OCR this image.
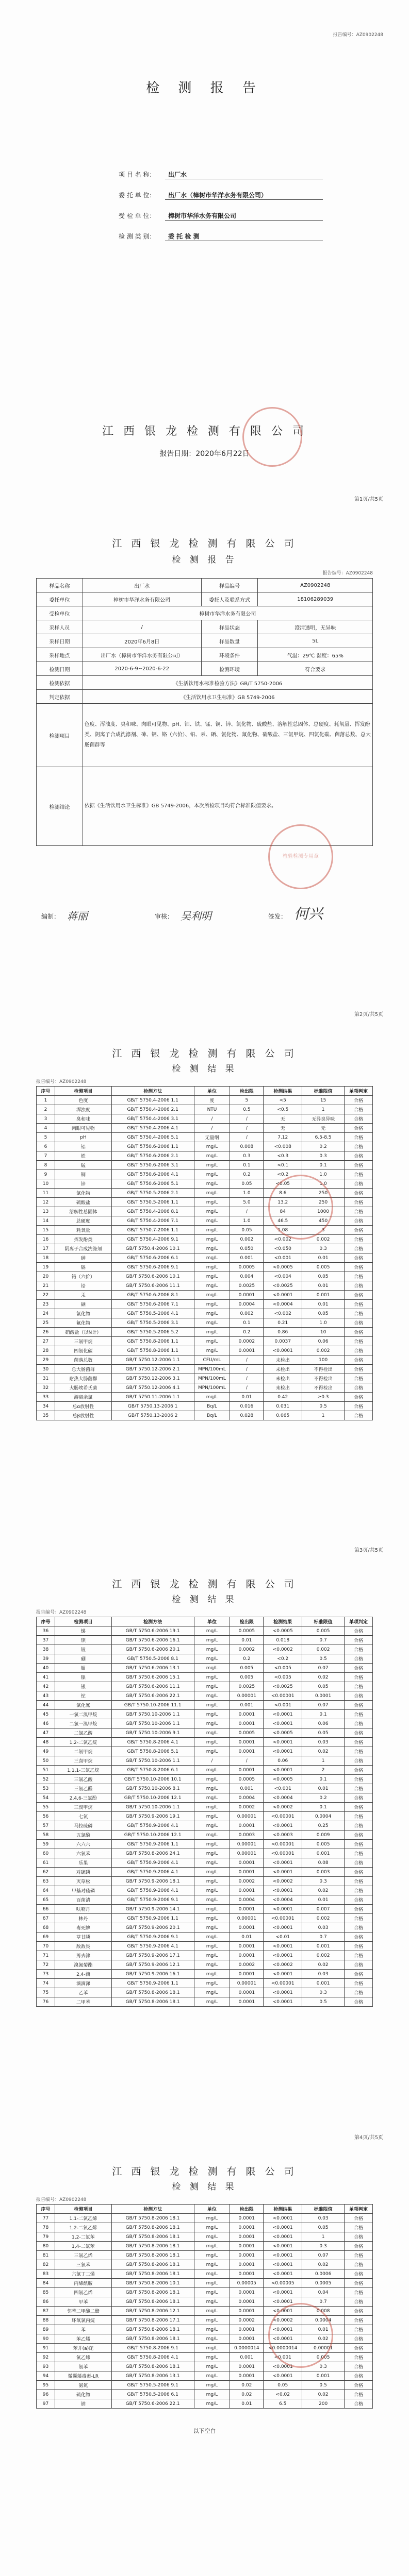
报告编号：AZ0902248
检 测 报 告
项 目 名 称：	出厂水
委 托 单 位：	出厂水（樟树市华洋水务有限公司）
受 检 单 位：	樟树市华洋水务有限公司
检 测 类 别：	委 托 检 测
江 西 银 龙 检 测 有 限 公 司
报告日期：2020年6月22日
第1页/共5页
江 西 银 龙 检 测 有 限 公 司
检 测 报 告
报告编号：AZ0902248
样品名称	出厂水	样品编号	AZ0902248
委托单位	樟树市华洋水务有限公司	委托人及联系方式	18106289039
受检单位	樟树市华洋水务有限公司		
采样人员	/	样品状态	澄清透明，无异味
采样日期	2020年6月8日	样品数量	5L
采样地点	出厂水（樟树市华洋水务有限公司）	环境条件	气温：29℃ 湿度：65%
检测日期	2020-6-9~2020-6-22	检测环境	符合要求
检测依据	《生活饮用水标准检验方法》GB/T 5750-2006		
判定依据	《生活饮用水卫生标准》GB 5749-2006		
检测项目	色度、浑浊度、臭和味、肉眼可见物、pH、铝、铁、锰、铜、锌、氯化物、硫酸盐、溶解性总固体、总硬度、耗氧量、挥发酚类、阴离子合成洗涤剂、砷、镉、铬（六价）、铅、汞、硒、氰化物、氟化物、硝酸盐、三氯甲烷、四氯化碳、菌落总数、总大肠菌群等		
检测结论	依据《生活饮用水卫生标准》GB 5749-2006，本次所检项目均符合标准限值要求。		
检验检测专用章
编制： 蒋丽	审核： 吴利明	签发： 何兴
第2页/共5页
江 西 银 龙 检 测 有 限 公 司
检 测 结 果
报告编号：AZ0902248
序号	检测项目	检测方法	单位	检出限	检测结果	标准限值	单项判定
1	色度	GB/T 5750.4-2006 1.1	度	5	<5	15	合格
2	浑浊度	GB/T 5750.4-2006 2.1	NTU	0.5	<0.5	1	合格
3	臭和味	GB/T 5750.4-2006 3.1	/	/	无	无异臭异味	合格
4	肉眼可见物	GB/T 5750.4-2006 4.1	/	/	无	无	合格
5	pH	GB/T 5750.4-2006 5.1	无量纲	/	7.12	6.5-8.5	合格
6	铝	GB/T 5750.6-2006 1.1	mg/L	0.008	<0.008	0.2	合格
7	铁	GB/T 5750.6-2006 2.1	mg/L	0.3	<0.3	0.3	合格
8	锰	GB/T 5750.6-2006 3.1	mg/L	0.1	<0.1	0.1	合格
9	铜	GB/T 5750.6-2006 4.1	mg/L	0.2	<0.2	1.0	合格
10	锌	GB/T 5750.6-2006 5.1	mg/L	0.05	<0.05	1.0	合格
11	氯化物	GB/T 5750.5-2006 2.1	mg/L	1.0	8.6	250	合格
12	硫酸盐	GB/T 5750.5-2006 1.1	mg/L	5.0	13.2	250	合格
13	溶解性总固体	GB/T 5750.4-2006 8.1	mg/L	/	84	1000	合格
14	总硬度	GB/T 5750.4-2006 7.1	mg/L	1.0	46.5	450	合格
15	耗氧量	GB/T 5750.7-2006 1.1	mg/L	0.05	1.08	3	合格
16	挥发酚类	GB/T 5750.4-2006 9.1	mg/L	0.002	<0.002	0.002	合格
17	阴离子合成洗涤剂	GB/T 5750.4-2006 10.1	mg/L	0.050	<0.050	0.3	合格
18	砷	GB/T 5750.6-2006 6.1	mg/L	0.001	<0.001	0.01	合格
19	镉	GB/T 5750.6-2006 9.1	mg/L	0.0005	<0.0005	0.005	合格
20	铬（六价）	GB/T 5750.6-2006 10.1	mg/L	0.004	<0.004	0.05	合格
21	铅	GB/T 5750.6-2006 11.1	mg/L	0.0025	<0.0025	0.01	合格
22	汞	GB/T 5750.6-2006 8.1	mg/L	0.0001	<0.0001	0.001	合格
23	硒	GB/T 5750.6-2006 7.1	mg/L	0.0004	<0.0004	0.01	合格
24	氰化物	GB/T 5750.5-2006 4.1	mg/L	0.002	<0.002	0.05	合格
25	氟化物	GB/T 5750.5-2006 3.1	mg/L	0.1	0.21	1.0	合格
26	硝酸盐（以N计）	GB/T 5750.5-2006 5.2	mg/L	0.2	0.86	10	合格
27	三氯甲烷	GB/T 5750.8-2006 1.1	mg/L	0.0002	0.0037	0.06	合格
28	四氯化碳	GB/T 5750.8-2006 1.1	mg/L	0.0001	<0.0001	0.002	合格
29	菌落总数	GB/T 5750.12-2006 1.1	CFU/mL	/	未检出	100	合格
30	总大肠菌群	GB/T 5750.12-2006 2.1	MPN/100mL	/	未检出	不得检出	合格
31	耐热大肠菌群	GB/T 5750.12-2006 3.1	MPN/100mL	/	未检出	不得检出	合格
32	大肠埃希氏菌	GB/T 5750.12-2006 4.1	MPN/100mL	/	未检出	不得检出	合格
33	游离余氯	GB/T 5750.11-2006 1.1	mg/L	0.01	0.42	≥0.3	合格
34	总α放射性	GB/T 5750.13-2006 1	Bq/L	0.016	0.031	0.5	合格
35	总β放射性	GB/T 5750.13-2006 2	Bq/L	0.028	0.065	1	合格
第3页/共5页
江 西 银 龙 检 测 有 限 公 司
检 测 结 果
报告编号：AZ0902248
序号	检测项目	检测方法	单位	检出限	检测结果	标准限值	单项判定
36	锑	GB/T 5750.6-2006 19.1	mg/L	0.0005	<0.0005	0.005	合格
37	钡	GB/T 5750.6-2006 16.1	mg/L	0.01	0.018	0.7	合格
38	铍	GB/T 5750.6-2006 20.1	mg/L	0.0002	<0.0002	0.002	合格
39	硼	GB/T 5750.5-2006 8.1	mg/L	0.2	<0.2	0.5	合格
40	钼	GB/T 5750.6-2006 13.1	mg/L	0.005	<0.005	0.07	合格
41	镍	GB/T 5750.6-2006 15.1	mg/L	0.005	<0.005	0.02	合格
42	银	GB/T 5750.6-2006 11.1	mg/L	0.0025	<0.0025	0.05	合格
43	铊	GB/T 5750.6-2006 22.1	mg/L	0.00001	<0.00001	0.0001	合格
44	氯化氰	GB/T 5750.10-2006 11.1	mg/L	0.001	<0.001	0.07	合格
45	一氯二溴甲烷	GB/T 5750.10-2006 1.1	mg/L	0.0001	<0.0001	0.1	合格
46	二氯一溴甲烷	GB/T 5750.10-2006 1.1	mg/L	0.0001	<0.0001	0.06	合格
47	二氯乙酸	GB/T 5750.10-2006 9.1	mg/L	0.0005	<0.0005	0.05	合格
48	1,2-二氯乙烷	GB/T 5750.8-2006 4.1	mg/L	0.0001	<0.0001	0.03	合格
49	二氯甲烷	GB/T 5750.8-2006 5.1	mg/L	0.0001	<0.0001	0.02	合格
50	三卤甲烷	GB/T 5750.10-2006 1.1	/	/	0.06	1	合格
51	1,1,1-三氯乙烷	GB/T 5750.8-2006 6.1	mg/L	0.0001	<0.0001	2	合格
52	三氯乙酸	GB/T 5750.10-2006 10.1	mg/L	0.0005	<0.0005	0.1	合格
53	三氯乙醛	GB/T 5750.10-2006 8.1	mg/L	0.001	<0.001	0.01	合格
54	2,4,6-三氯酚	GB/T 5750.10-2006 12.1	mg/L	0.0004	<0.0004	0.2	合格
55	三溴甲烷	GB/T 5750.10-2006 1.1	mg/L	0.0002	<0.0002	0.1	合格
56	七氯	GB/T 5750.9-2006 19.1	mg/L	0.00001	<0.00001	0.0004	合格
57	马拉硫磷	GB/T 5750.9-2006 4.1	mg/L	0.0001	<0.0001	0.25	合格
58	五氯酚	GB/T 5750.10-2006 12.1	mg/L	0.0003	<0.0003	0.009	合格
59	六六六	GB/T 5750.9-2006 1.1	mg/L	0.00001	<0.00001	0.005	合格
60	六氯苯	GB/T 5750.8-2006 24.1	mg/L	0.00001	<0.00001	0.001	合格
61	乐果	GB/T 5750.9-2006 4.1	mg/L	0.0001	<0.0001	0.08	合格
62	对硫磷	GB/T 5750.9-2006 4.1	mg/L	0.0001	<0.0001	0.003	合格
63	灭草松	GB/T 5750.9-2006 18.1	mg/L	0.0002	<0.0002	0.3	合格
64	甲基对硫磷	GB/T 5750.9-2006 4.1	mg/L	0.0001	<0.0001	0.02	合格
65	百菌清	GB/T 5750.9-2006 9.1	mg/L	0.0004	<0.0004	0.01	合格
66	呋喃丹	GB/T 5750.9-2006 14.1	mg/L	0.0001	<0.0001	0.007	合格
67	林丹	GB/T 5750.9-2006 1.1	mg/L	0.00001	<0.00001	0.002	合格
68	毒死蜱	GB/T 5750.9-2006 20.1	mg/L	0.0001	<0.0001	0.03	合格
69	草甘膦	GB/T 5750.9-2006 9.1	mg/L	0.01	<0.01	0.7	合格
70	敌敌畏	GB/T 5750.9-2006 4.1	mg/L	0.0001	<0.0001	0.001	合格
71	莠去津	GB/T 5750.9-2006 17.1	mg/L	0.0001	<0.0001	0.002	合格
72	溴氰菊酯	GB/T 5750.9-2006 12.1	mg/L	0.0002	<0.0002	0.02	合格
73	2,4-滴	GB/T 5750.9-2006 16.1	mg/L	0.0001	<0.0001	0.03	合格
74	滴滴涕	GB/T 5750.9-2006 1.1	mg/L	0.00001	<0.00001	0.001	合格
75	乙苯	GB/T 5750.8-2006 18.1	mg/L	0.0001	<0.0001	0.3	合格
76	二甲苯	GB/T 5750.8-2006 18.1	mg/L	0.0001	<0.0001	0.5	合格
第4页/共5页
江 西 银 龙 检 测 有 限 公 司
检 测 结 果
报告编号：AZ0902248
序号	检测项目	检测方法	单位	检出限	检测结果	标准限值	单项判定
77	1,1-二氯乙烯	GB/T 5750.8-2006 18.1	mg/L	0.0001	<0.0001	0.03	合格
78	1,2-二氯乙烯	GB/T 5750.8-2006 18.1	mg/L	0.0001	<0.0001	0.05	合格
79	1,2-二氯苯	GB/T 5750.8-2006 18.1	mg/L	0.0001	<0.0001	1	合格
80	1,4-二氯苯	GB/T 5750.8-2006 18.1	mg/L	0.0001	<0.0001	0.3	合格
81	三氯乙烯	GB/T 5750.8-2006 18.1	mg/L	0.0001	<0.0001	0.07	合格
82	三氯苯	GB/T 5750.8-2006 18.1	mg/L	0.0001	<0.0001	0.02	合格
83	六氯丁二烯	GB/T 5750.8-2006 18.1	mg/L	0.0001	<0.0001	0.0006	合格
84	丙烯酰胺	GB/T 5750.8-2006 10.1	mg/L	0.00005	<0.00005	0.0005	合格
85	四氯乙烯	GB/T 5750.8-2006 18.1	mg/L	0.0001	<0.0001	0.04	合格
86	甲苯	GB/T 5750.8-2006 18.1	mg/L	0.0001	<0.0001	0.7	合格
87	邻苯二甲酸二酯	GB/T 5750.8-2006 12.1	mg/L	0.0001	<0.0001	0.008	合格
88	环氧氯丙烷	GB/T 5750.8-2006 17.1	mg/L	0.0002	<0.0002	0.0004	合格
89	苯	GB/T 5750.8-2006 18.1	mg/L	0.0001	<0.0001	0.01	合格
90	苯乙烯	GB/T 5750.8-2006 18.1	mg/L	0.0001	<0.0001	0.02	合格
91	苯并(a)芘	GB/T 5750.8-2006 9.1	mg/L	0.0000014	<0.0000014	0.00001	合格
92	氯乙烯	GB/T 5750.8-2006 4.1	mg/L	0.001	<0.001	0.005	合格
93	氯苯	GB/T 5750.8-2006 18.1	mg/L	0.0001	<0.0001	0.3	合格
94	微囊藻毒素-LR	GB/T 5750.8-2006 13.1	mg/L	0.0001	<0.0001	0.001	合格
95	氨氮	GB/T 5750.5-2006 9.1	mg/L	0.02	0.05	0.5	合格
96	硫化物	GB/T 5750.5-2006 6.1	mg/L	0.02	<0.02	0.02	合格
97	钠	GB/T 5750.6-2006 22.1	mg/L	0.01	6.5	200	合格
以下空白
